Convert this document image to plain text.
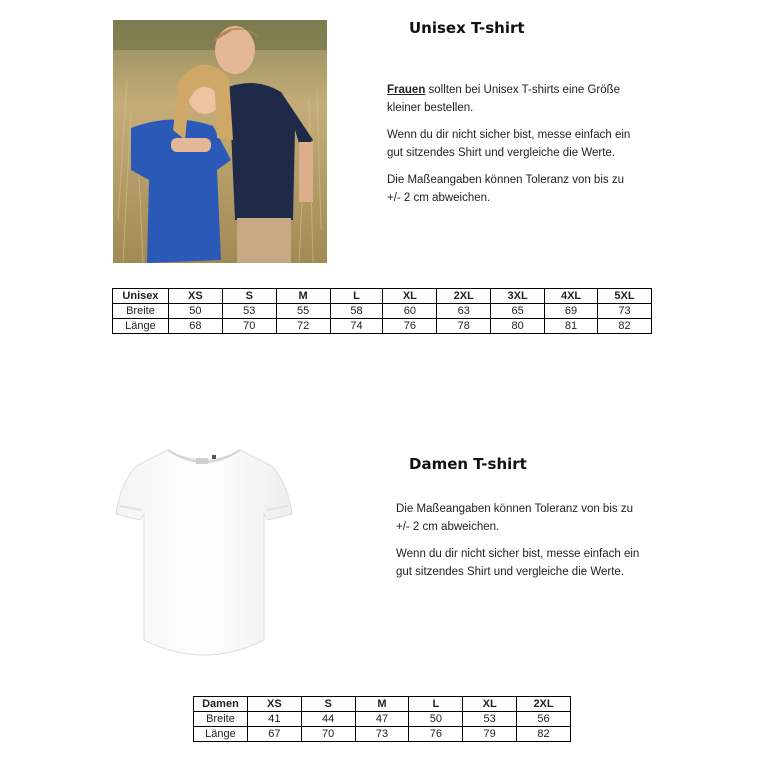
Unisex T-shirt

Frauen sollten bei Unisex T-shirts eine Größe kleiner bestellen.

Wenn du dir nicht sicher bist, messe einfach ein gut sitzendes Shirt und vergleiche die Werte.

Die Maßeangaben können Toleranz von bis zu +/- 2 cm abweichen.

Unisex	XS	S	M	L	XL	2XL	3XL	4XL	5XL
Breite	50	53	55	58	60	63	65	69	73
Länge	68	70	72	74	76	78	80	81	82
Damen T-shirt

Die Maßeangaben können Toleranz von bis zu +/- 2 cm abweichen.

Wenn du dir nicht sicher bist, messe einfach ein gut sitzendes Shirt und vergleiche die Werte.

Damen	XS	S	M	L	XL	2XL
Breite	41	44	47	50	53	56
Länge	67	70	73	76	79	82
